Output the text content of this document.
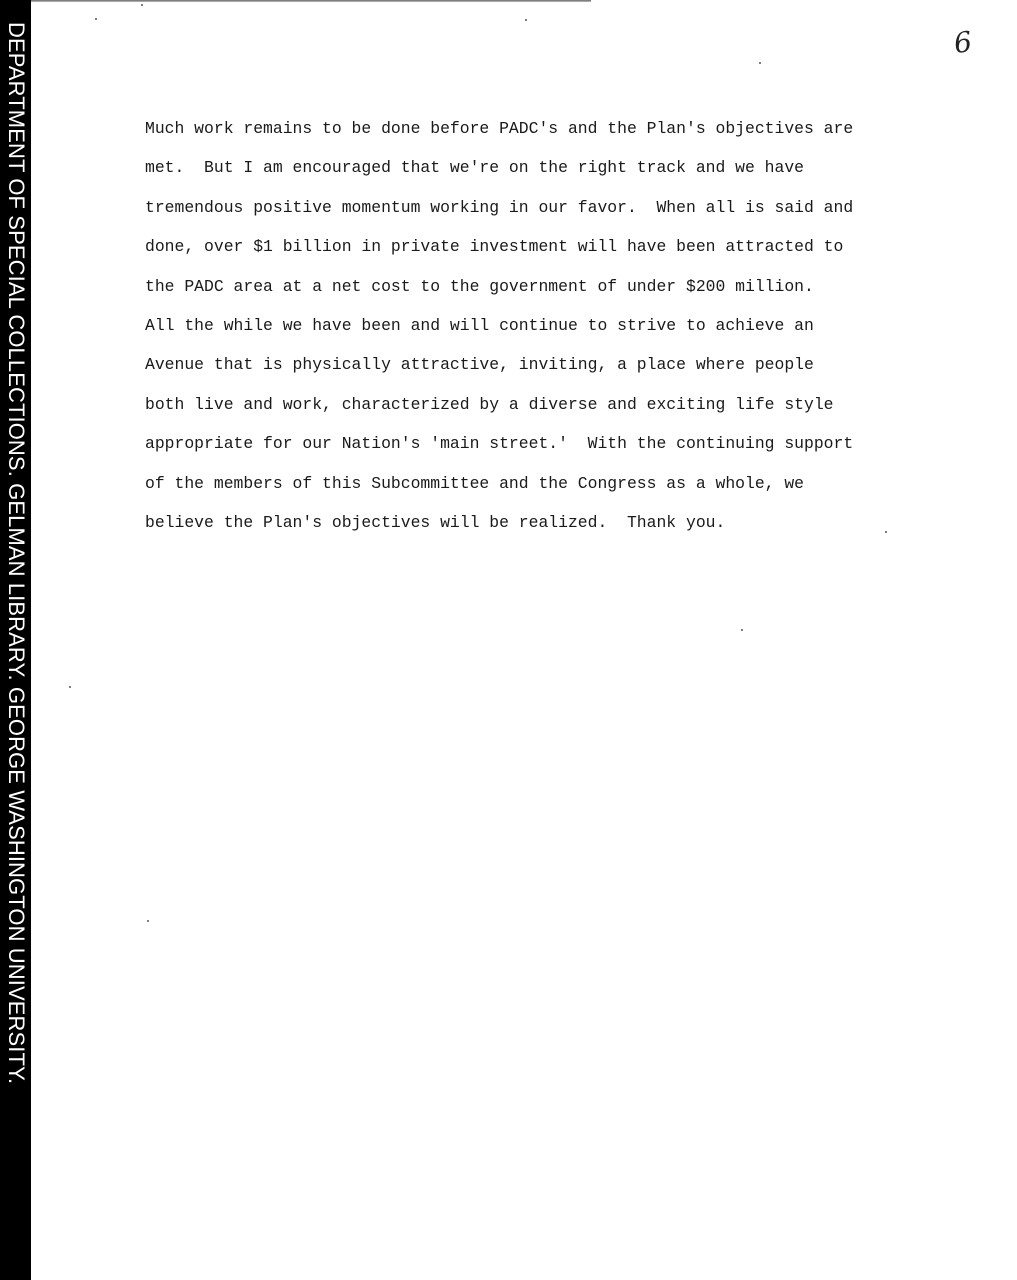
DEPARTMENT OF SPECIAL COLLECTIONS. GELMAN LIBRARY. GEORGE WASHINGTON UNIVERSITY.	6
Much work remains to be done before PADC's and the Plan's objectives are
met.  But I am encouraged that we're on the right track and we have
tremendous positive momentum working in our favor.  When all is said and
done, over $1 billion in private investment will have been attracted to
the PADC area at a net cost to the government of under $200 million.
All the while we have been and will continue to strive to achieve an
Avenue that is physically attractive, inviting, a place where people
both live and work, characterized by a diverse and exciting life style
appropriate for our Nation's 'main street.'  With the continuing support
of the members of this Subcommittee and the Congress as a whole, we
believe the Plan's objectives will be realized.  Thank you.
